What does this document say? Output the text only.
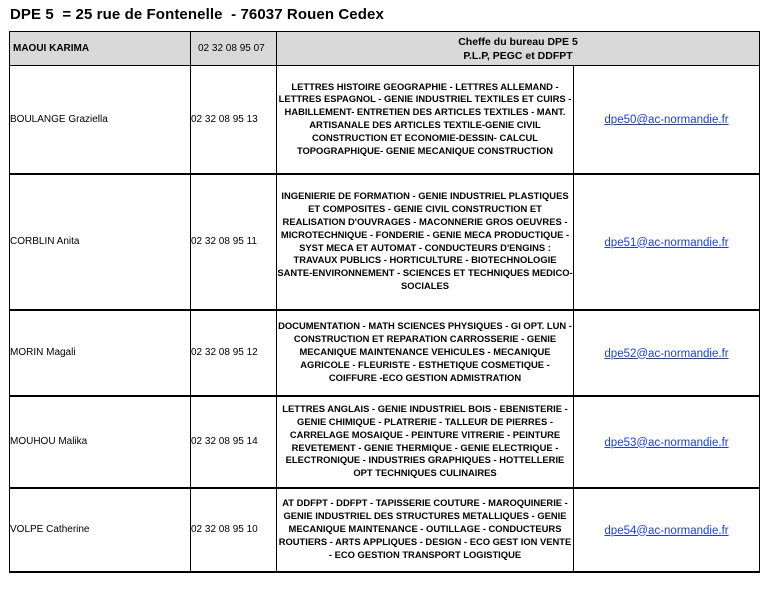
DPE 5  = 25 rue de Fontenelle  - 76037 Rouen Cedex
MAOUI KARIMA	02 32 08 95 07	Cheffe du bureau DPE 5
P.L.P, PEGC et DDFPT	

BOULANGE Graziella	02 32 08 95 13	LETTRES HISTOIRE GEOGRAPHIE - LETTRES ALLEMAND - LETTRES ESPAGNOL - GENIE INDUSTRIEL TEXTILES ET CUIRS -HABILLEMENT- ENTRETIEN DES ARTICLES TEXTILES - MANT. ARTISANALE DES ARTICLES TEXTILE-GENIE CIVIL CONSTRUCTION ET ECONOMIE-DESSIN- CALCUL TOPOGRAPHIQUE- GENIE MECANIQUE CONSTRUCTION	dpe50@ac-normandie.fr
CORBLIN Anita	02 32 08 95 11	INGENIERIE DE FORMATION - GENIE INDUSTRIEL PLASTIQUES ET COMPOSITES - GENIE CIVIL CONSTRUCTION ET REALISATION D'OUVRAGES - MACONNERIE GROS OEUVRES - MICROTECHNIQUE - FONDERIE - GENIE MECA PRODUCTIQUE - SYST MECA ET AUTOMAT - CONDUCTEURS D'ENGINS : TRAVAUX PUBLICS - HORTICULTURE - BIOTECHNOLOGIE SANTE-ENVIRONNEMENT - SCIENCES ET TECHNIQUES MEDICO-SOCIALES	dpe51@ac-normandie.fr
MORIN Magali	02 32 08 95 12	DOCUMENTATION - MATH SCIENCES PHYSIQUES - GI OPT. LUN - CONSTRUCTION ET REPARATION CARROSSERIE - GENIE MECANIQUE MAINTENANCE VEHICULES - MECANIQUE AGRICOLE - FLEURISTE - ESTHETIQUE COSMETIQUE - COIFFURE -ECO GESTION ADMISTRATION	dpe52@ac-normandie.fr
MOUHOU Malika	02 32 08 95 14	LETTRES ANGLAIS - GENIE INDUSTRIEL BOIS - EBENISTERIE - GENIE CHIMIQUE - PLATRERIE - TALLEUR DE PIERRES - CARRELAGE MOSAIQUE - PEINTURE VITRERIE - PEINTURE REVETEMENT - GENIE THERMIQUE - GENIE ELECTRIQUE - ELECTRONIQUE - INDUSTRIES GRAPHIQUES - HOTTELLERIE OPT TECHNIQUES CULINAIRES	dpe53@ac-normandie.fr
VOLPE Catherine	02 32 08 95 10	AT DDFPT - DDFPT - TAPISSERIE COUTURE - MAROQUINERIE - GENIE INDUSTRIEL DES STRUCTURES METALLIQUES - GENIE MECANIQUE MAINTENANCE - OUTILLAGE - CONDUCTEURS ROUTIERS - ARTS APPLIQUES - DESIGN - ECO GEST ION VENTE - ECO GESTION TRANSPORT LOGISTIQUE	dpe54@ac-normandie.fr
